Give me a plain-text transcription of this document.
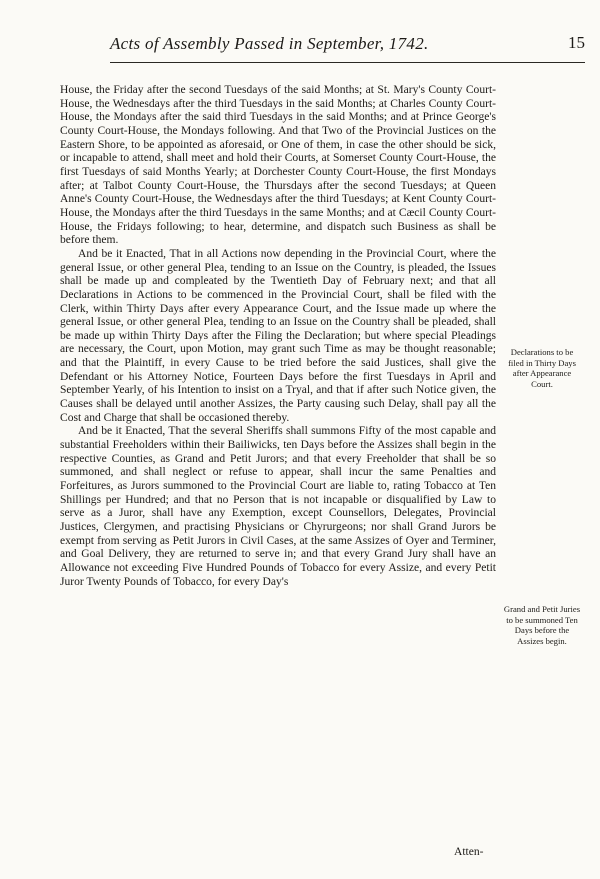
Acts of Assembly Passed in September, 1742.	15

House, the Friday after the second Tuesdays of the said Months; at St. Mary's County Court-House, the Wednesdays after the third Tuesdays in the said Months; at Charles County Court-House, the Mondays after the said third Tuesdays in the said Months; and at Prince George's County Court-House, the Mondays following. And that Two of the Provincial Justices on the Eastern Shore, to be appointed as aforesaid, or One of them, in case the other should be sick, or incapable to attend, shall meet and hold their Courts, at Somerset County Court-House, the first Tuesdays of said Months Yearly; at Dorchester County Court-House, the first Mondays after; at Talbot County Court-House, the Thursdays after the second Tuesdays; at Queen Anne's County Court-House, the Wednesdays after the third Tuesdays; at Kent County Court-House, the Mondays after the third Tuesdays in the same Months; and at Cæcil County Court-House, the Fridays following; to hear, determine, and dispatch such Business as shall be before them.

And be it Enacted, That in all Actions now depending in the Provincial Court, where the general Issue, or other general Plea, tending to an Issue on the Country, is pleaded, the Issues shall be made up and compleated by the Twentieth Day of February next; and that all Declarations in Actions to be commenced in the Provincial Court, shall be filed with the Clerk, within Thirty Days after every Appearance Court, and the Issue made up where the general Issue, or other general Plea, tending to an Issue on the Country shall be pleaded, shall be made up within Thirty Days after the Filing the Declaration; but where special Pleadings are necessary, the Court, upon Motion, may grant such Time as may be thought reasonable; and that the Plaintiff, in every Cause to be tried before the said Justices, shall give the Defendant or his Attorney Notice, Fourteen Days before the first Tuesdays in April and September Yearly, of his Intention to insist on a Tryal, and that if after such Notice given, the Causes shall be delayed until another Assizes, the Party causing such Delay, shall pay all the Cost and Charge that shall be occasioned thereby.

And be it Enacted, That the several Sheriffs shall summons Fifty of the most capable and substantial Freeholders within their Bailiwicks, ten Days before the Assizes shall begin in the respective Counties, as Grand and Petit Jurors; and that every Freeholder that shall be so summoned, and shall neglect or refuse to appear, shall incur the same Penalties and Forfeitures, as Jurors summoned to the Provincial Court are liable to, rating Tobacco at Ten Shillings per Hundred; and that no Person that is not incapable or disqualified by Law to serve as a Juror, shall have any Exemption, except Counsellors, Delegates, Provincial Justices, Clergymen, and practising Physicians or Chyrurgeons; nor shall Grand Jurors be exempt from serving as Petit Jurors in Civil Cases, at the same Assizes of Oyer and Terminer, and Goal Delivery, they are returned to serve in; and that every Grand Jury shall have an Allowance not exceeding Five Hundred Pounds of Tobacco for every Assize, and every Petit Juror Twenty Pounds of Tobacco, for every Day's

Atten-
Declarations to be filed in Thirty Days after Appearance Court.
Grand and Petit Juries to be summoned Ten Days before the Assizes begin.
